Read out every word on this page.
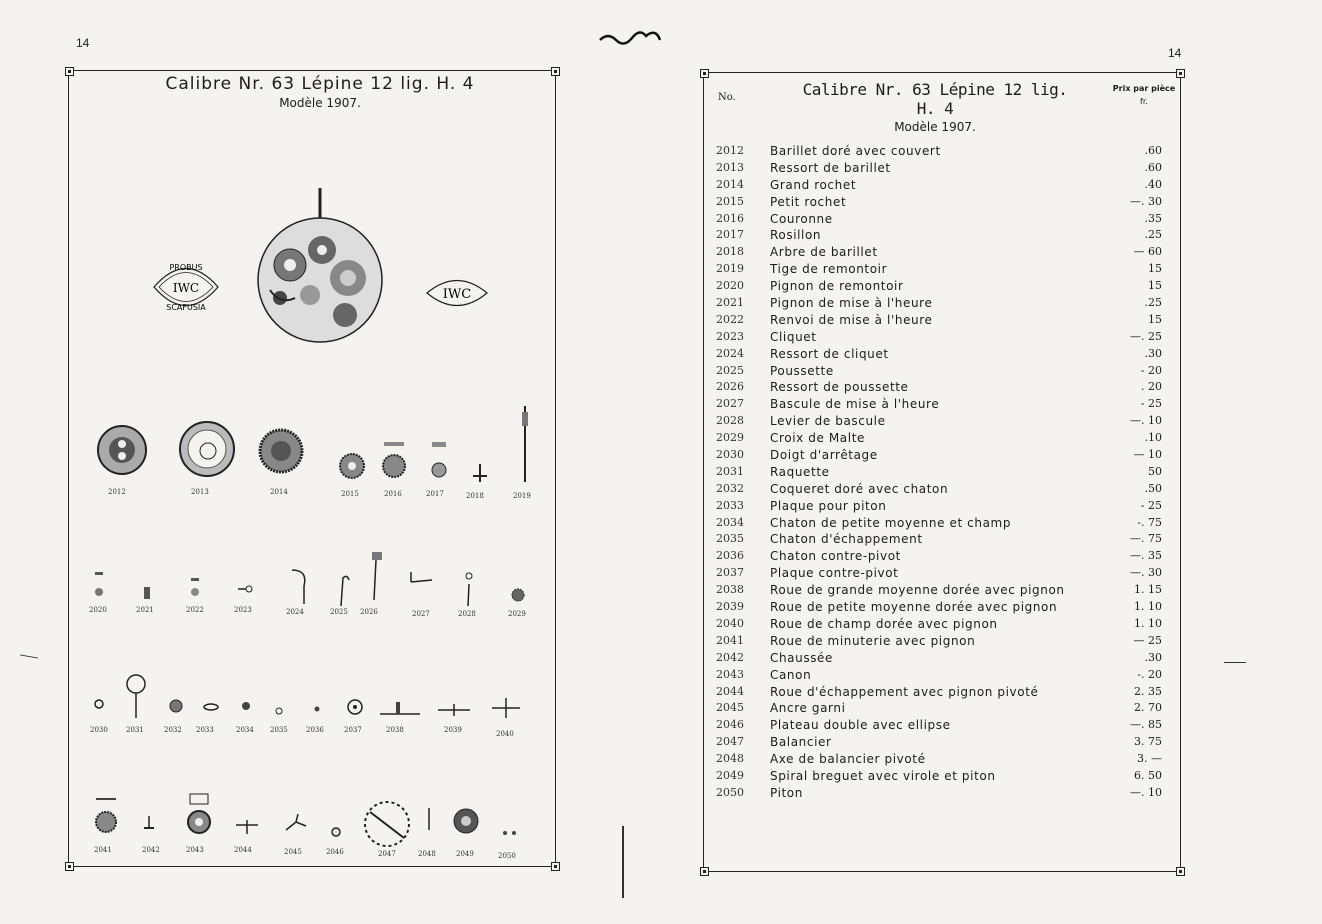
14
Calibre Nr. 63 Lépine 12 lig. H. 4
Modèle 1907.
PROBUS
IWC
SCAFUSIA
IWC
2012	2013	2014	2015	2016	2017	2018	2019
2020	2021	2022	2023	2024	2025 2026	2027	2028	2029
2030	2031	2032 2033	2034 2035	2036	2037	2038	2039	2040
2041	2042	2043	2044	2045	2046	2047	2048	2049	2050
14
No.	Calibre Nr. 63 Lépine 12 lig. H. 4
Modèle 1907.
Prix par pièce
fr.
2012	Barillet doré avec couvert	.60
2013	Ressort de barillet	.60
2014	Grand rochet	.40
2015	Petit rochet	—. 30
2016	Couronne	.35
2017	Rosillon	.25
2018	Arbre de barillet	— 60
2019	Tige de remontoir	15
2020	Pignon de remontoir	15
2021	Pignon de mise à l'heure	.25
2022	Renvoi de mise à l'heure	15
2023	Cliquet	—. 25
2024	Ressort de cliquet	.30
2025	Poussette	- 20
2026	Ressort de poussette	. 20
2027	Bascule de mise à l'heure	- 25
2028	Levier de bascule	—. 10
2029	Croix de Malte	.10
2030	Doigt d'arrêtage	— 10
2031	Raquette	50
2032	Coqueret doré avec chaton	.50
2033	Plaque pour piton	- 25
2034	Chaton de petite moyenne et champ	-. 75
2035	Chaton d'échappement	—. 75
2036	Chaton contre-pivot	—. 35
2037	Plaque contre-pivot	—. 30
2038	Roue de grande moyenne dorée avec pignon	1. 15
2039	Roue de petite moyenne dorée avec pignon	1. 10
2040	Roue de champ dorée avec pignon	1. 10
2041	Roue de minuterie avec pignon	— 25
2042	Chaussée	.30
2043	Canon	-. 20
2044	Roue d'échappement avec pignon pivoté	2. 35
2045	Ancre garni	2. 70
2046	Plateau double avec ellipse	—. 85
2047	Balancier	3. 75
2048	Axe de balancier pivoté	3. —
2049	Spiral breguet avec virole et piton	6. 50
2050	Piton	—. 10
